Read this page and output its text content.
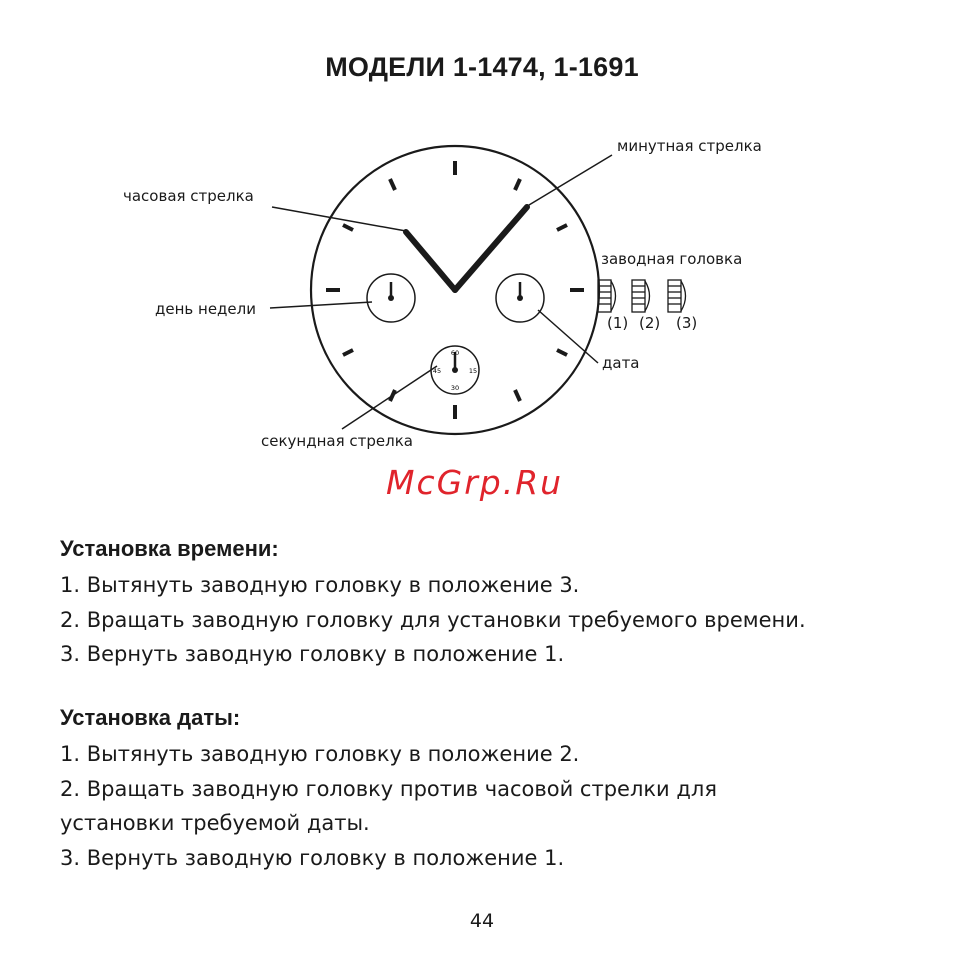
МОДЕЛИ 1-1474, 1-1691
60
15
30
45
минутная стрелка
часовая стрелка
заводная головка
день недели
дата
секундная стрелка
(1) (2) (3)
McGrp.Ru
Установка времени:

1. Вытянуть заводную головку в положение 3.

2. Вращать заводную головку для установки требуемого времени.

3. Вернуть заводную головку в положение 1.

Установка даты:

1. Вытянуть заводную головку в положение 2.

2. Вращать заводную головку против часовой стрелки для установки требуемой даты.

3. Вернуть заводную головку в положение 1.

44
